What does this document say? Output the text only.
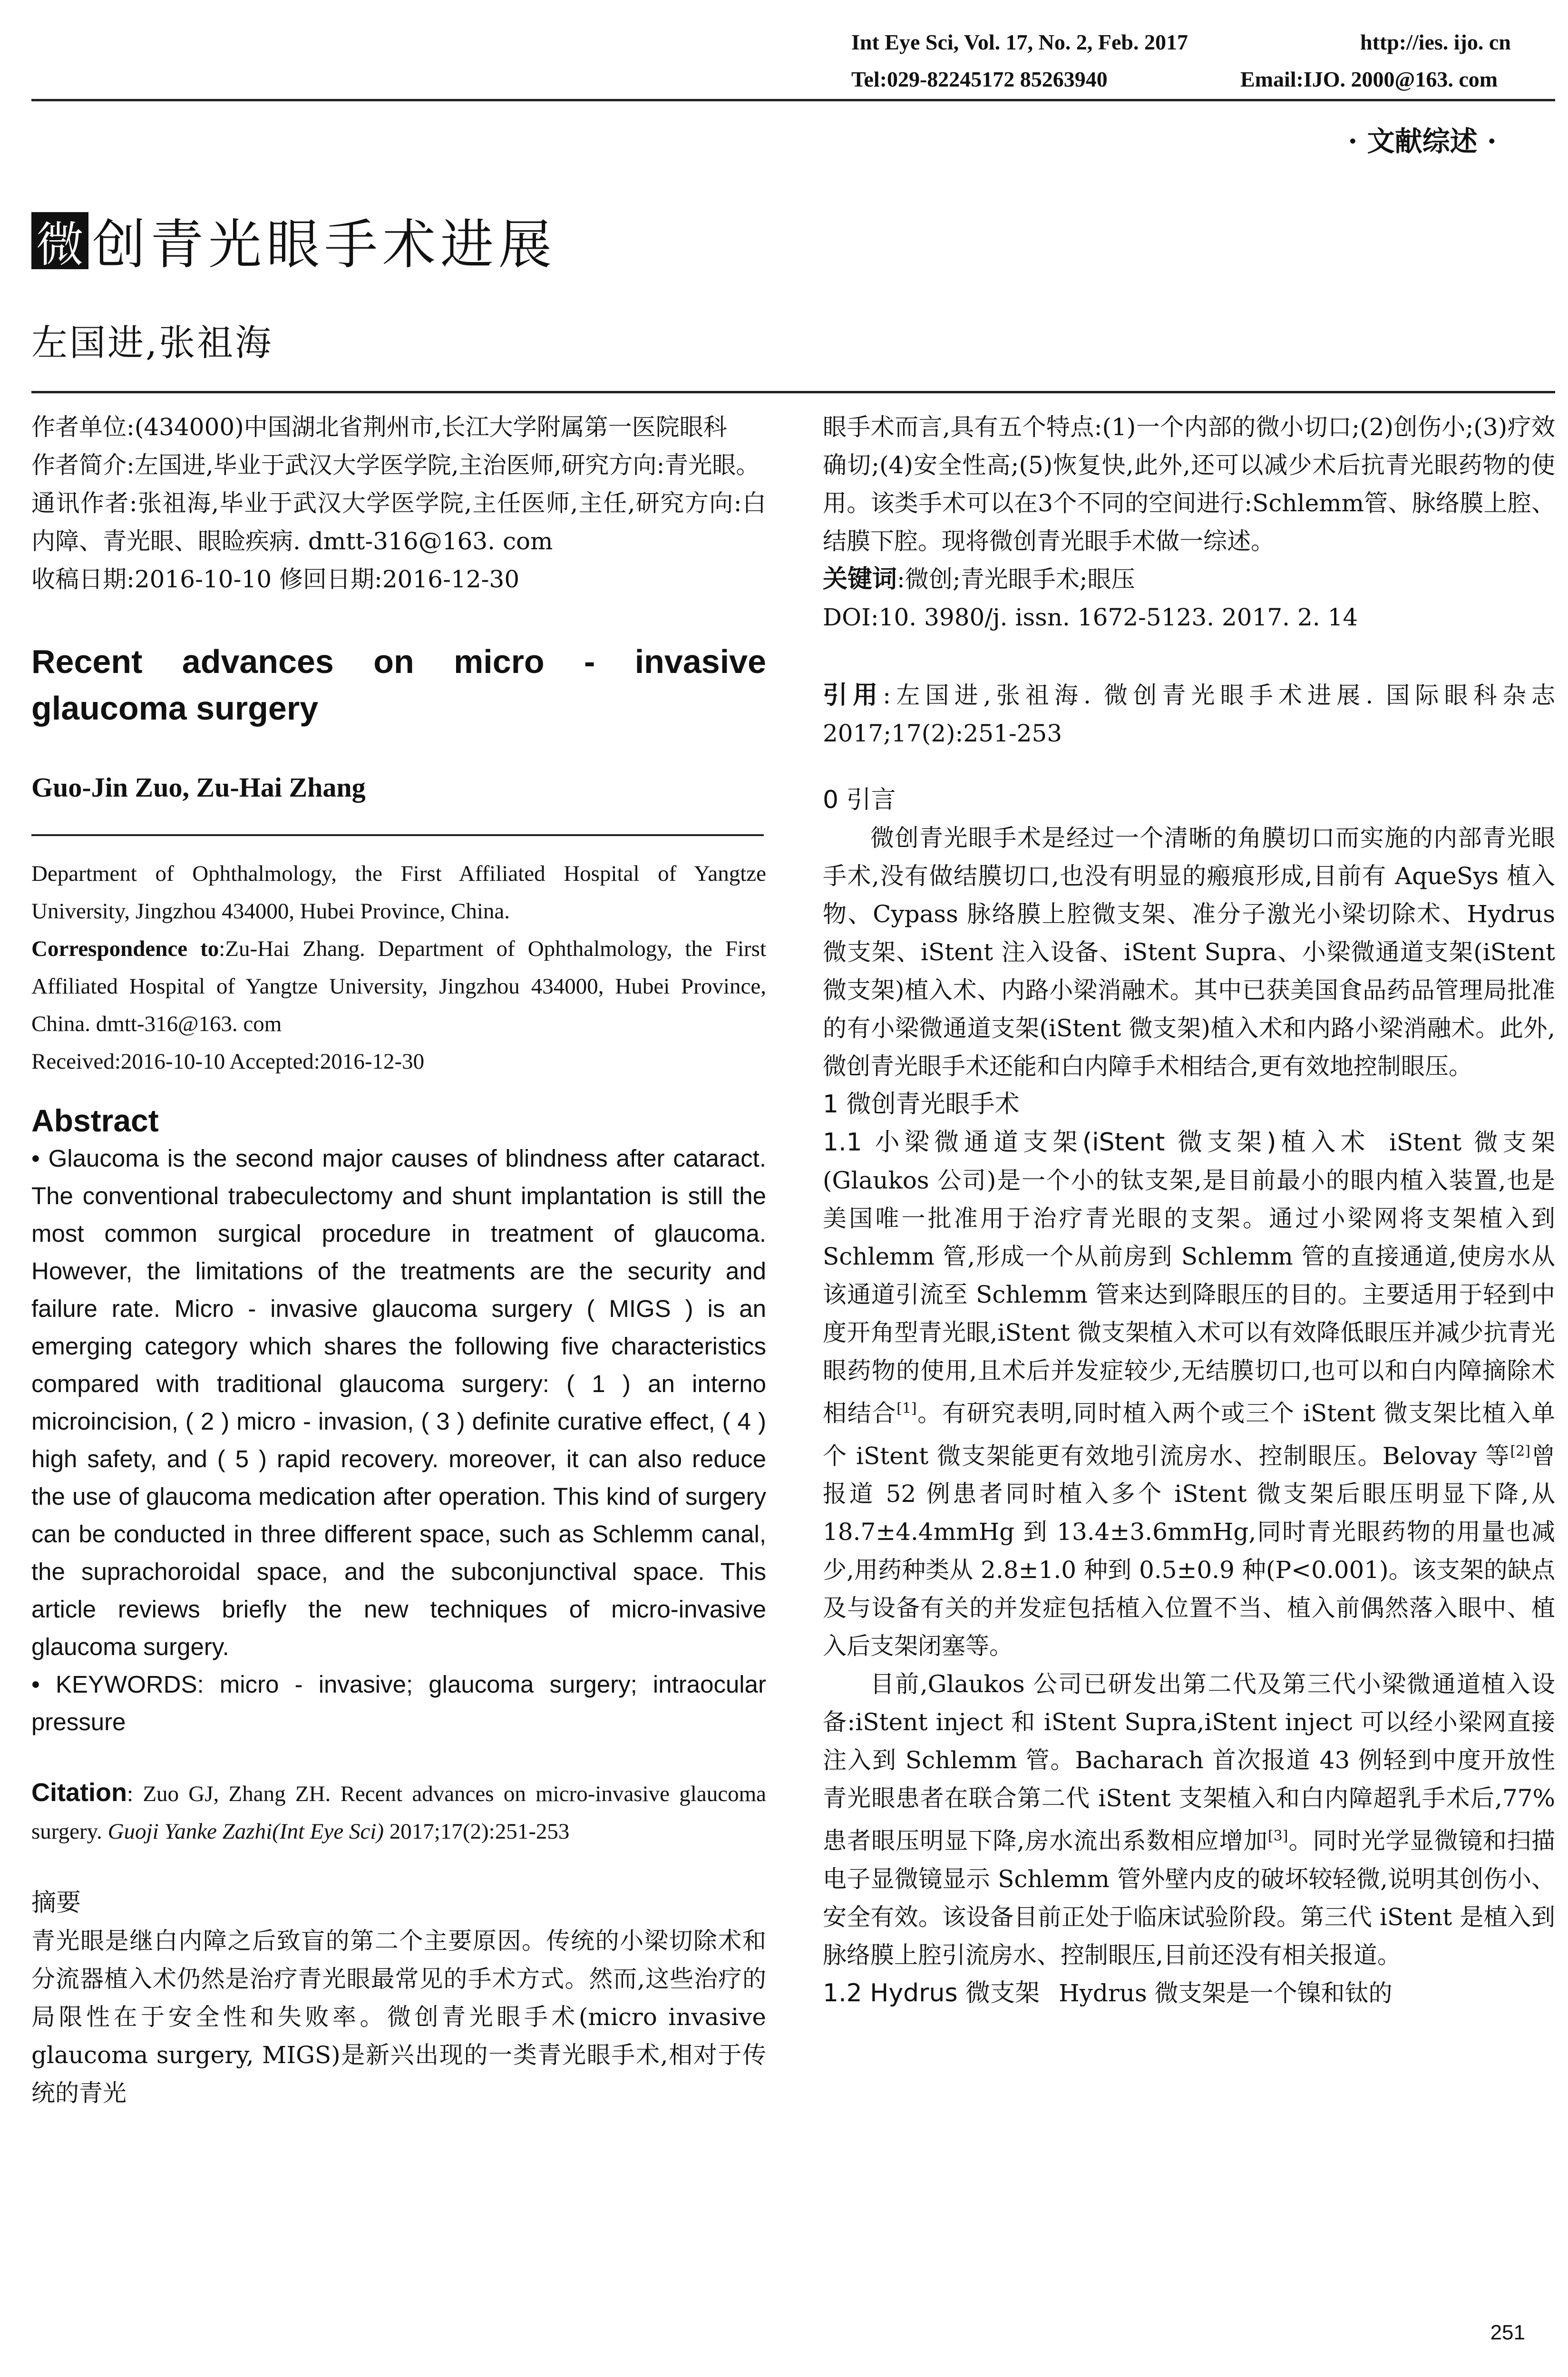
Int Eye Sci, Vol. 17, No. 2, Feb. 2017	http://ies. ijo. cn
Tel:029-82245172 85263940	Email:IJO. 2000@163. com
· 文献综述 ·
微 创青光眼手术进展
左国进,张祖海

作者单位:(434000)中国湖北省荆州市,长江大学附属第一医院眼科

作者简介:左国进,毕业于武汉大学医学院,主治医师,研究方向:青光眼。

通讯作者:张祖海,毕业于武汉大学医学院,主任医师,主任,研究方向:白内障、青光眼、眼睑疾病. dmtt-316@163. com

收稿日期:2016-10-10 修回日期:2016-12-30

Recent advances on micro - invasive
glaucoma surgery
Guo-Jin Zuo, Zu-Hai Zhang
Department of Ophthalmology, the First Affiliated Hospital of Yangtze University, Jingzhou 434000, Hubei Province, China.
Correspondence to:Zu-Hai Zhang. Department of Ophthalmology, the First Affiliated Hospital of Yangtze University, Jingzhou 434000, Hubei Province, China. dmtt-316@163. com
Received:2016-10-10 Accepted:2016-12-30
Abstract
• Glaucoma is the second major causes of blindness after cataract. The conventional trabeculectomy and shunt implantation is still the most common surgical procedure in treatment of glaucoma. However, the limitations of the treatments are the security and failure rate. Micro - invasive glaucoma surgery ( MIGS ) is an emerging category which shares the following five characteristics compared with traditional glaucoma surgery: ( 1 ) an interno microincision, ( 2 ) micro - invasion, ( 3 ) definite curative effect, ( 4 ) high safety, and ( 5 ) rapid recovery. moreover, it can also reduce the use of glaucoma medication after operation. This kind of surgery can be conducted in three different space, such as Schlemm canal, the suprachoroidal space, and the subconjunctival space. This article reviews briefly the new techniques of micro-invasive glaucoma surgery.
• KEYWORDS: micro - invasive; glaucoma surgery; intraocular pressure
Citation: Zuo GJ, Zhang ZH. Recent advances on micro-invasive glaucoma surgery. Guoji Yanke Zazhi(Int Eye Sci) 2017;17(2):251-253
摘要

青光眼是继白内障之后致盲的第二个主要原因。传统的小梁切除术和分流器植入术仍然是治疗青光眼最常见的手术方式。然而,这些治疗的局限性在于安全性和失败率。微创青光眼手术(micro invasive glaucoma surgery, MIGS)是新兴出现的一类青光眼手术,相对于传统的青光

眼手术而言,具有五个特点:(1)一个内部的微小切口;(2)创伤小;(3)疗效确切;(4)安全性高;(5)恢复快,此外,还可以减少术后抗青光眼药物的使用。该类手术可以在3个不同的空间进行:Schlemm管、脉络膜上腔、结膜下腔。现将微创青光眼手术做一综述。

关键词:微创;青光眼手术;眼压

DOI:10. 3980/j. issn. 1672-5123. 2017. 2. 14

引用:左国进,张祖海. 微创青光眼手术进展. 国际眼科杂志 2017;17(2):251-253

0 引言

微创青光眼手术是经过一个清晰的角膜切口而实施的内部青光眼手术,没有做结膜切口,也没有明显的瘢痕形成,目前有 AqueSys 植入物、Cypass 脉络膜上腔微支架、准分子激光小梁切除术、Hydrus 微支架、iStent 注入设备、iStent Supra、小梁微通道支架(iStent 微支架)植入术、内路小梁消融术。其中已获美国食品药品管理局批准的有小梁微通道支架(iStent 微支架)植入术和内路小梁消融术。此外,微创青光眼手术还能和白内障手术相结合,更有效地控制眼压。

1 微创青光眼手术

1.1 小梁微通道支架(iStent 微支架)植入术 iStent 微支架(Glaukos 公司)是一个小的钛支架,是目前最小的眼内植入装置,也是美国唯一批准用于治疗青光眼的支架。通过小梁网将支架植入到 Schlemm 管,形成一个从前房到 Schlemm 管的直接通道,使房水从该通道引流至 Schlemm 管来达到降眼压的目的。主要适用于轻到中度开角型青光眼,iStent 微支架植入术可以有效降低眼压并减少抗青光眼药物的使用,且术后并发症较少,无结膜切口,也可以和白内障摘除术相结合[1]。有研究表明,同时植入两个或三个 iStent 微支架比植入单个 iStent 微支架能更有效地引流房水、控制眼压。Belovay 等[2]曾报道 52 例患者同时植入多个 iStent 微支架后眼压明显下降,从 18.7±4.4mmHg 到 13.4±3.6mmHg,同时青光眼药物的用量也减少,用药种类从 2.8±1.0 种到 0.5±0.9 种(P<0.001)。该支架的缺点及与设备有关的并发症包括植入位置不当、植入前偶然落入眼中、植入后支架闭塞等。

目前,Glaukos 公司已研发出第二代及第三代小梁微通道植入设备:iStent inject 和 iStent Supra,iStent inject 可以经小梁网直接注入到 Schlemm 管。Bacharach 首次报道 43 例轻到中度开放性青光眼患者在联合第二代 iStent 支架植入和白内障超乳手术后,77% 患者眼压明显下降,房水流出系数相应增加[3]。同时光学显微镜和扫描电子显微镜显示 Schlemm 管外壁内皮的破坏较轻微,说明其创伤小、安全有效。该设备目前正处于临床试验阶段。第三代 iStent 是植入到脉络膜上腔引流房水、控制眼压,目前还没有相关报道。

1.2 Hydrus 微支架 Hydrus 微支架是一个镍和钛的

251
